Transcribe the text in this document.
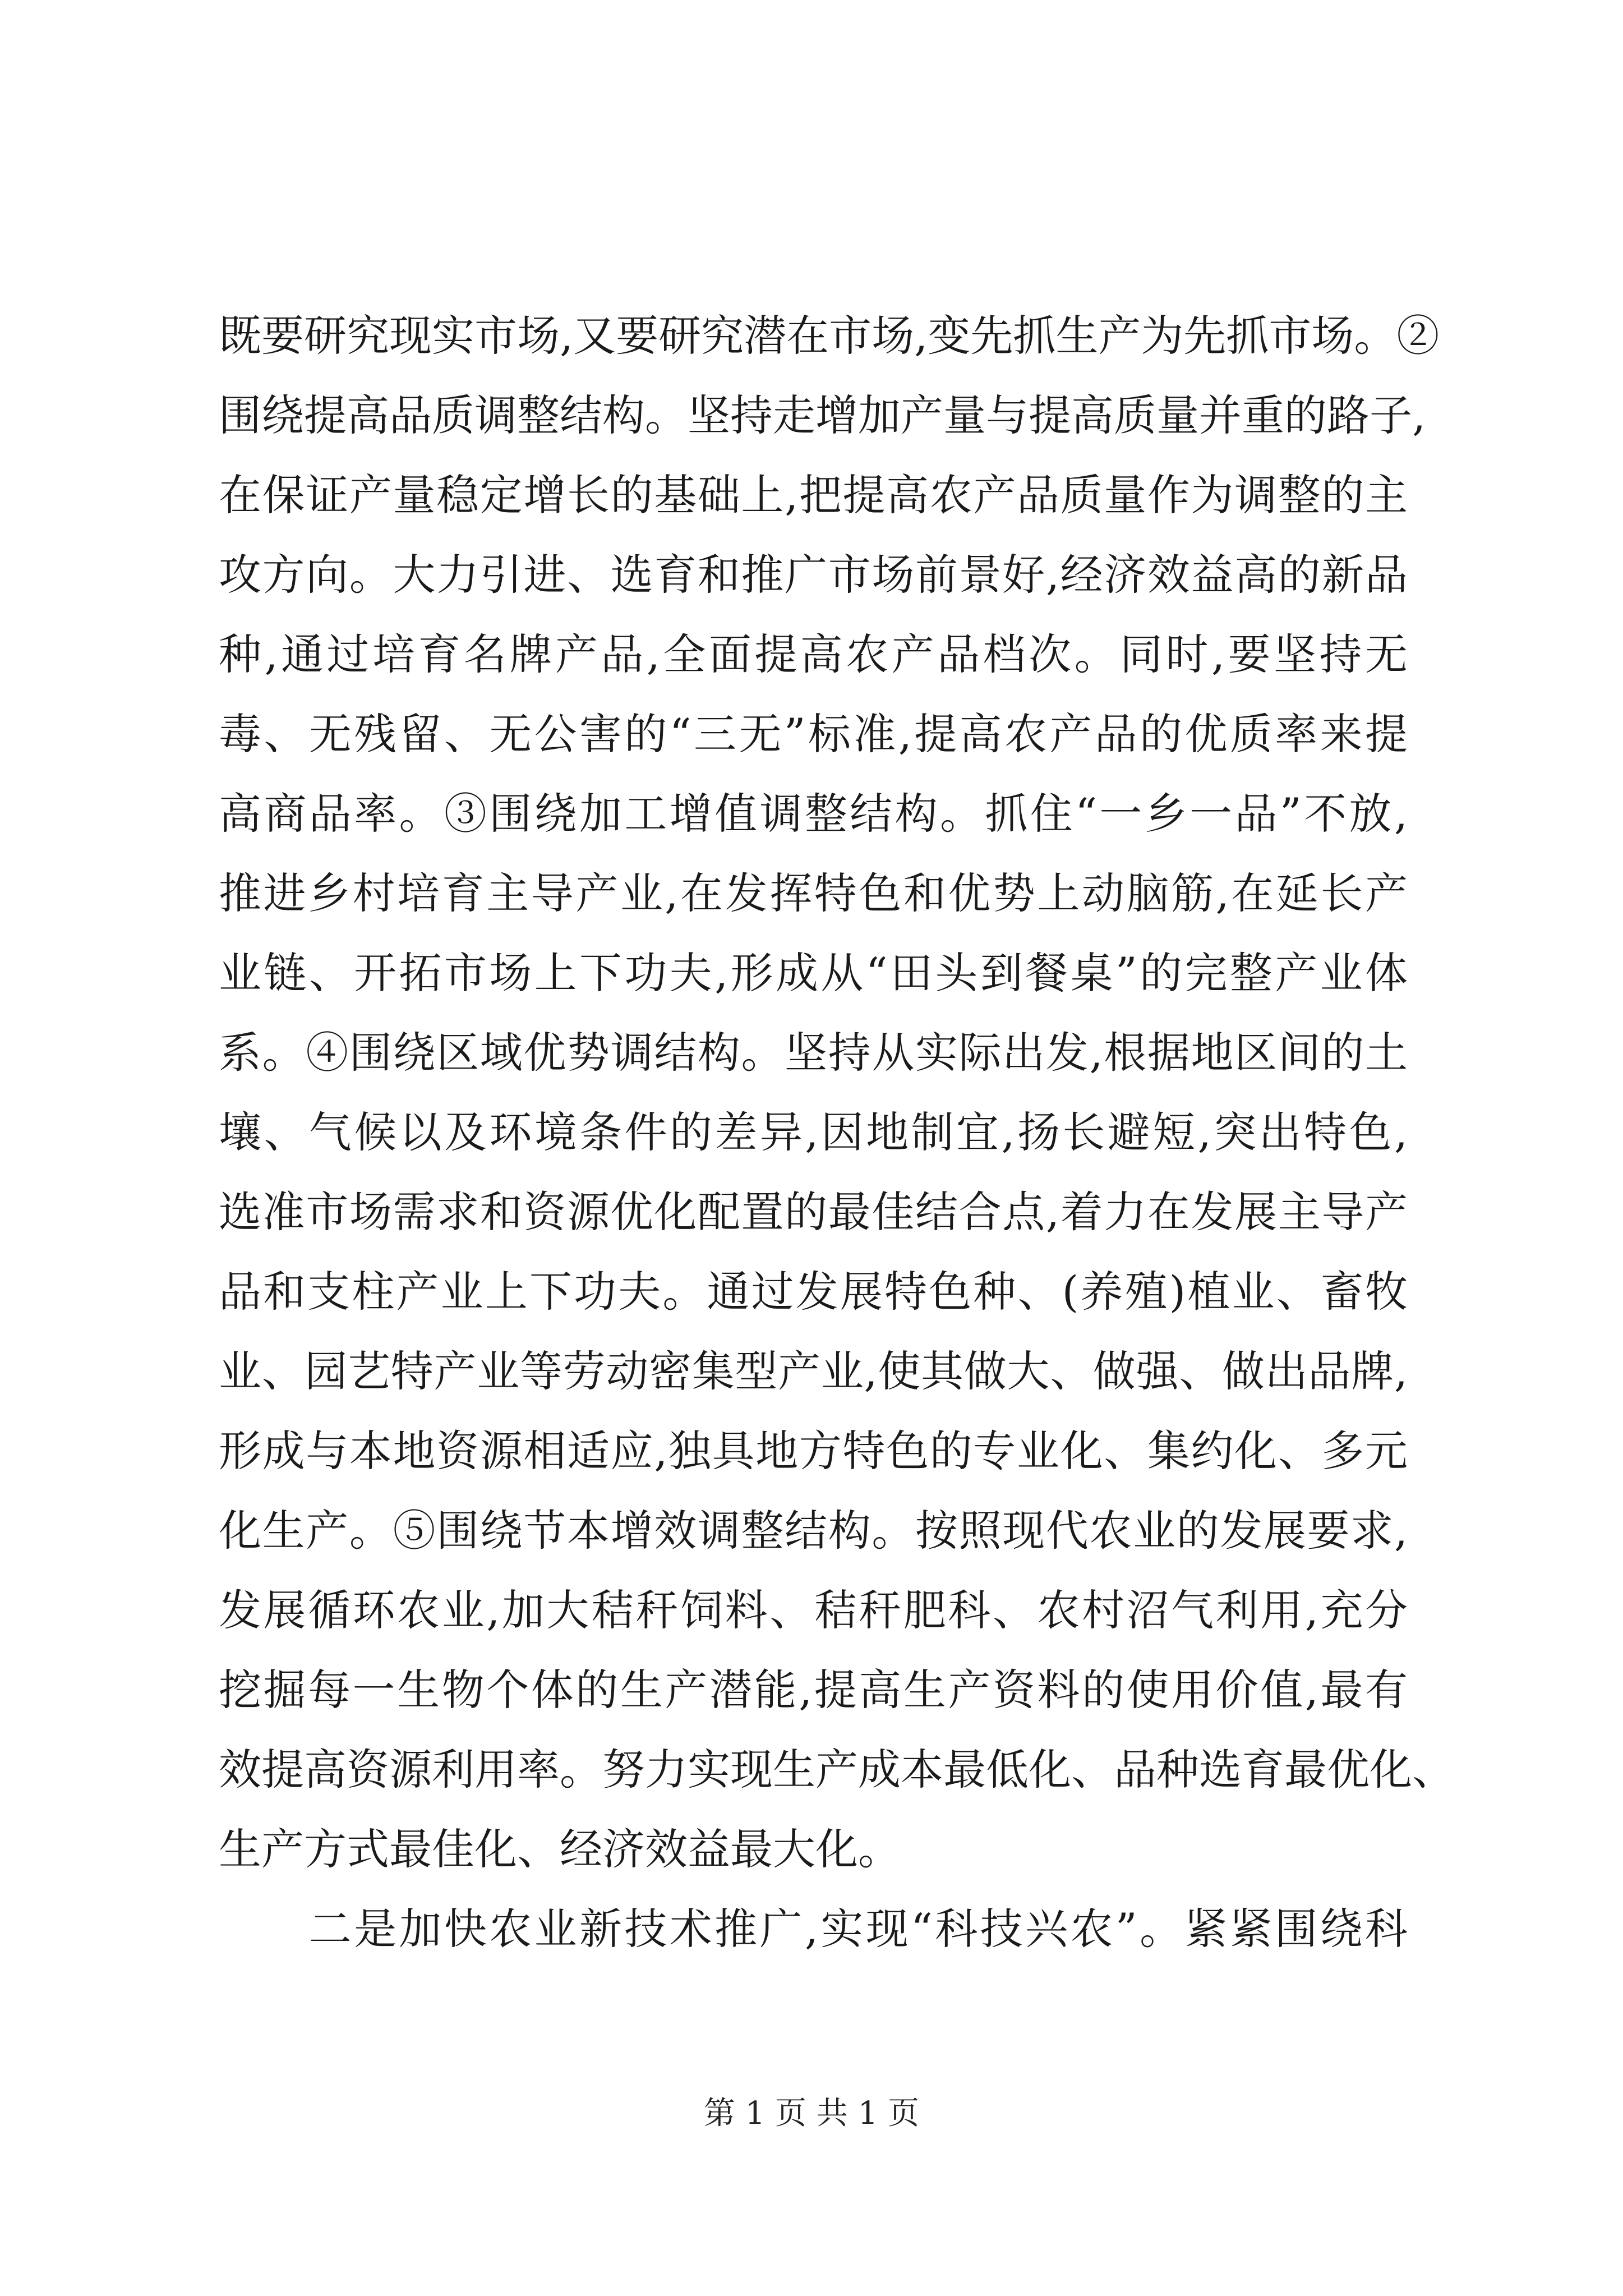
既要研究现实市场,又要研究潜在市场,变先抓生产为先抓市场。②
围绕提高品质调整结构。坚持走增加产量与提高质量并重的路子,
在保证产量稳定增长的基础上,把提高农产品质量作为调整的主
攻方向。大力引进、选育和推广市场前景好,经济效益高的新品
种,通过培育名牌产品,全面提高农产品档次。同时,要坚持无
毒、无残留、无公害的“三无”标准,提高农产品的优质率来提
高商品率。③围绕加工增值调整结构。抓住“一乡一品”不放,
推进乡村培育主导产业,在发挥特色和优势上动脑筋,在延长产
业链、开拓市场上下功夫,形成从“田头到餐桌”的完整产业体
系。④围绕区域优势调结构。坚持从实际出发,根据地区间的土
壤、气候以及环境条件的差异,因地制宜,扬长避短,突出特色,
选准市场需求和资源优化配置的最佳结合点,着力在发展主导产
品和支柱产业上下功夫。通过发展特色种、(养殖)植业、畜牧
业、园艺特产业等劳动密集型产业,使其做大、做强、做出品牌,
形成与本地资源相适应,独具地方特色的专业化、集约化、多元
化生产。⑤围绕节本增效调整结构。按照现代农业的发展要求,
发展循环农业,加大秸秆饲料、秸秆肥科、农村沼气利用,充分
挖掘每一生物个体的生产潜能,提高生产资料的使用价值,最有
效提高资源利用率。努力实现生产成本最低化、品种选育最优化、
生产方式最佳化、经济效益最大化。
　　二是加快农业新技术推广,实现“科技兴农”。紧紧围绕科
第 1 页 共 1 页
